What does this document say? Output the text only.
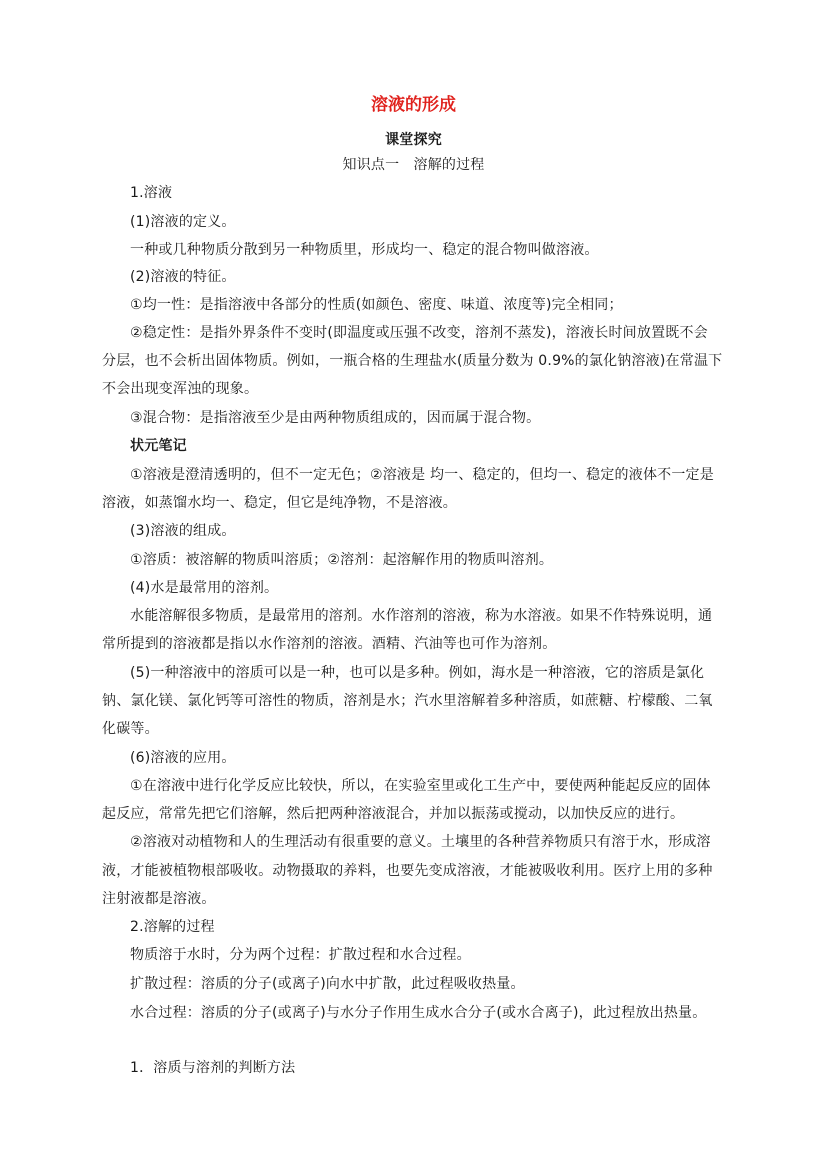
溶液的形成

课堂探究

知识点一　溶解的过程

1.溶液

(1)溶液的定义。

一种或几种物质分散到另一种物质里，形成均一、稳定的混合物叫做溶液。

(2)溶液的特征。

①均一性：是指溶液中各部分的性质(如颜色、密度、味道、浓度等)完全相同；

②稳定性：是指外界条件不变时(即温度或压强不改变，溶剂不蒸发)，溶液长时间放置既不会

分层，也不会析出固体物质。例如，一瓶合格的生理盐水(质量分数为 0.9%的氯化钠溶液)在常温下

不会出现变浑浊的现象。

③混合物：是指溶液至少是由两种物质组成的，因而属于混合物。

状元笔记

①溶液是澄清透明的，但不一定无色；②溶液是 均一、稳定的，但均一、稳定的液体不一定是

溶液，如蒸馏水均一、稳定，但它是纯净物，不是溶液。

(3)溶液的组成。

①溶质：被溶解的物质叫溶质；②溶剂：起溶解作用的物质叫溶剂。

(4)水是最常用的溶剂。

水能溶解很多物质，是最常用的溶剂。水作溶剂的溶液，称为水溶液。如果不作特殊说明，通

常所提到的溶液都是指以水作溶剂的溶液。酒精、汽油等也可作为溶剂。

(5)一种溶液中的溶质可以是一种，也可以是多种。例如，海水是一种溶液，它的溶质是氯化

钠、氯化镁、氯化钙等可溶性的物质，溶剂是水；汽水里溶解着多种溶质，如蔗糖、柠檬酸、二氧

化碳等。

(6)溶液的应用。

①在溶液中进行化学反应比较快，所以，在实验室里或化工生产中，要使两种能起反应的固体

起反应，常常先把它们溶解，然后把两种溶液混合，并加以振荡或搅动，以加快反应的进行。

②溶液对动植物和人的生理活动有很重要的意义。土壤里的各种营养物质只有溶于水，形成溶

液，才能被植物根部吸收。动物摄取的养料，也要先变成溶液，才能被吸收利用。医疗上用的多种

注射液都是溶液。

2.溶解的过程

物质溶于水时，分为两个过程：扩散过程和水合过程。

扩散过程：溶质的分子(或离子)向水中扩散，此过程吸收热量。

水合过程：溶质的分子(或离子)与水分子作用生成水合分子(或水合离子)，此过程放出热量。

1．溶质与溶剂的判断方法
